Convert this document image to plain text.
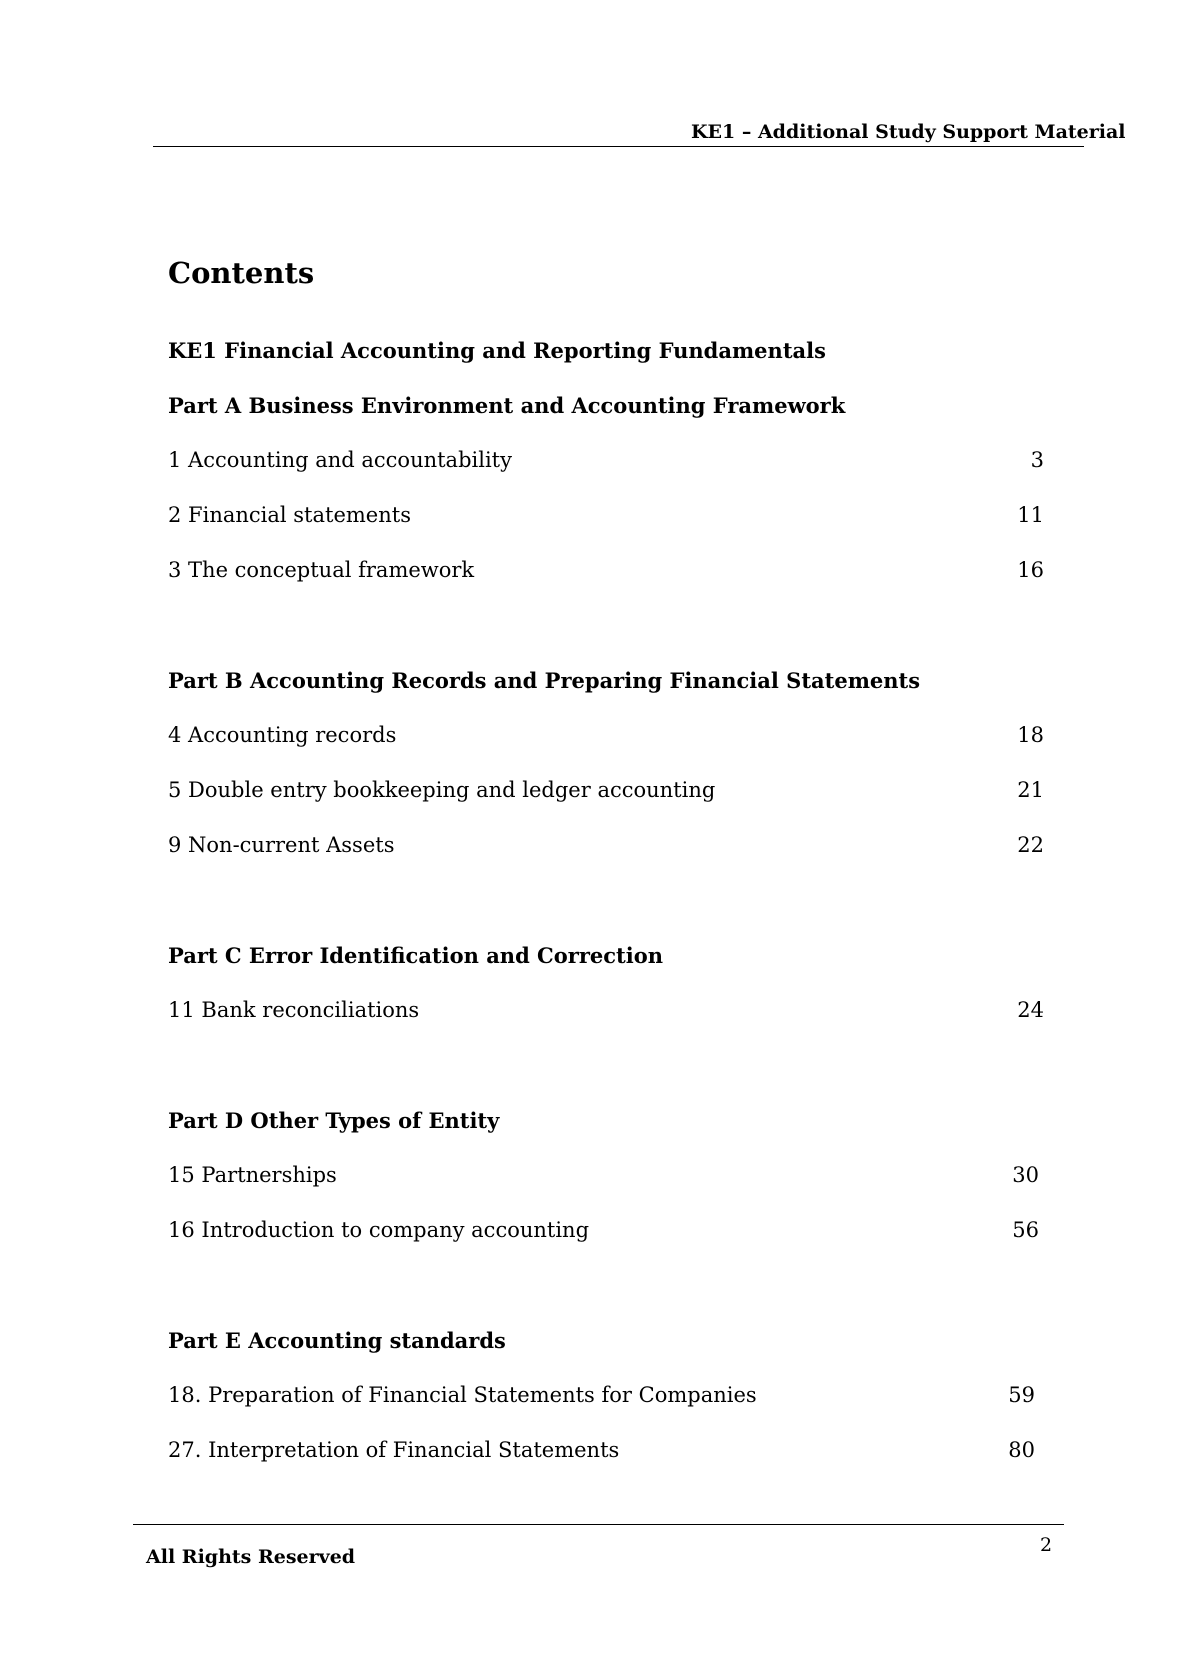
KE1 – Additional Study Support Material
Contents
KE1 Financial Accounting and Reporting Fundamentals
Part A Business Environment and Accounting Framework
1 Accounting and accountability	3
2 Financial statements	11
3 The conceptual framework	16
Part B Accounting Records and Preparing Financial Statements
4 Accounting records	18
5 Double entry bookkeeping and ledger accounting	21
9 Non-current Assets	22
Part C Error Identification and Correction
11 Bank reconciliations	24
Part D Other Types of Entity
15 Partnerships	30
16 Introduction to company accounting	56
Part E Accounting standards
18. Preparation of Financial Statements for Companies	59
27. Interpretation of Financial Statements	80
2
All Rights Reserved
